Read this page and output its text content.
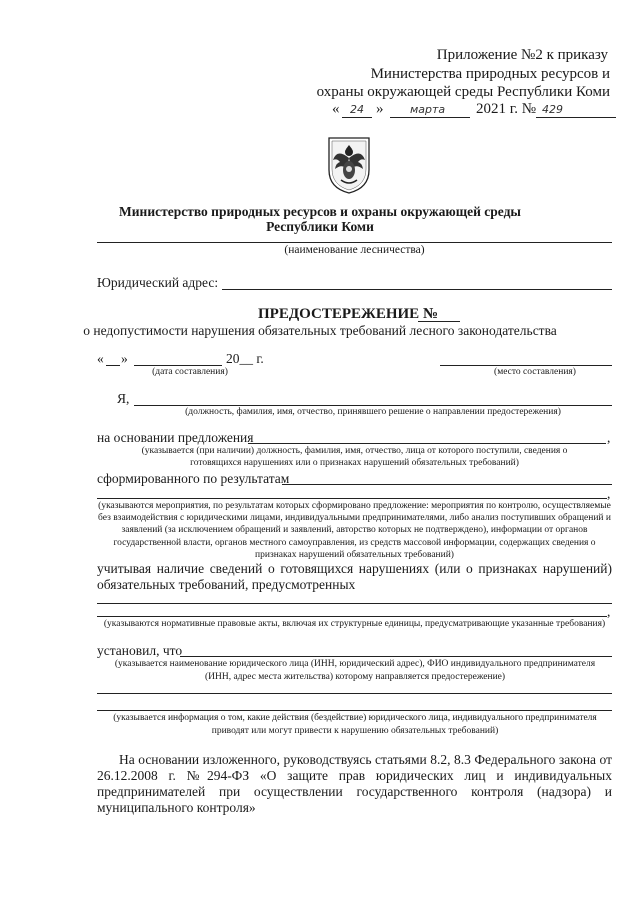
Приложение №2 к приказу
Министерства природных ресурсов и
охраны окружающей среды Республики Коми
« 24 » марта 2021 г. № 429
Министерство природных ресурсов и охраны окружающей среды
Республики Коми
(наименование лесничества)
Юридический адрес:
ПРЕДОСТЕРЕЖЕНИЕ №
о недопустимости нарушения обязательных требований лесного законодательства
« »	20__ г.
(дата составления)	(место составления)
Я,
(должность, фамилия, имя, отчество, принявшего решение о направлении предостережения)
на основании предложения	,
(указывается (при наличии) должность, фамилия, имя, отчество, лица от которого поступили, сведения о
готовящихся нарушениях или о признаках нарушений обязательных требований)
сформированного по результатам
,
(указываются мероприятия, по результатам которых сформировано предложение: мероприятия по контролю, осуществляемые без взаимодействия с юридическими лицами, индивидуальными предпринимателями, либо анализ поступивших обращений и заявлений (за исключением обращений и заявлений, авторство которых не подтверждено), информации от органов государственной власти, органов местного самоуправления, из средств массовой информации, содержащих сведения о признаках нарушений обязательных требований)
учитывая наличие сведений о готовящихся нарушениях (или о признаках нарушений) обязательных требований, предусмотренных
,
(указываются нормативные правовые акты, включая их структурные единицы, предусматривающие указанные требования)
установил, что
(указывается наименование юридического лица (ИНН, юридический адрес), ФИО индивидуального предпринимателя (ИНН, адрес места жительства) которому направляется предостережение)
(указывается информация о том, какие действия (бездействие) юридического лица, индивидуального предпринимателя приводят или могут привести к нарушению обязательных требований)
На основании изложенного, руководствуясь статьями 8.2, 8.3 Федерального закона от 26.12.2008 г. №294-ФЗ «О защите прав юридических лиц и индивидуальных предпринимателей при осуществлении государственного контроля (надзора) и муниципального контроля»
